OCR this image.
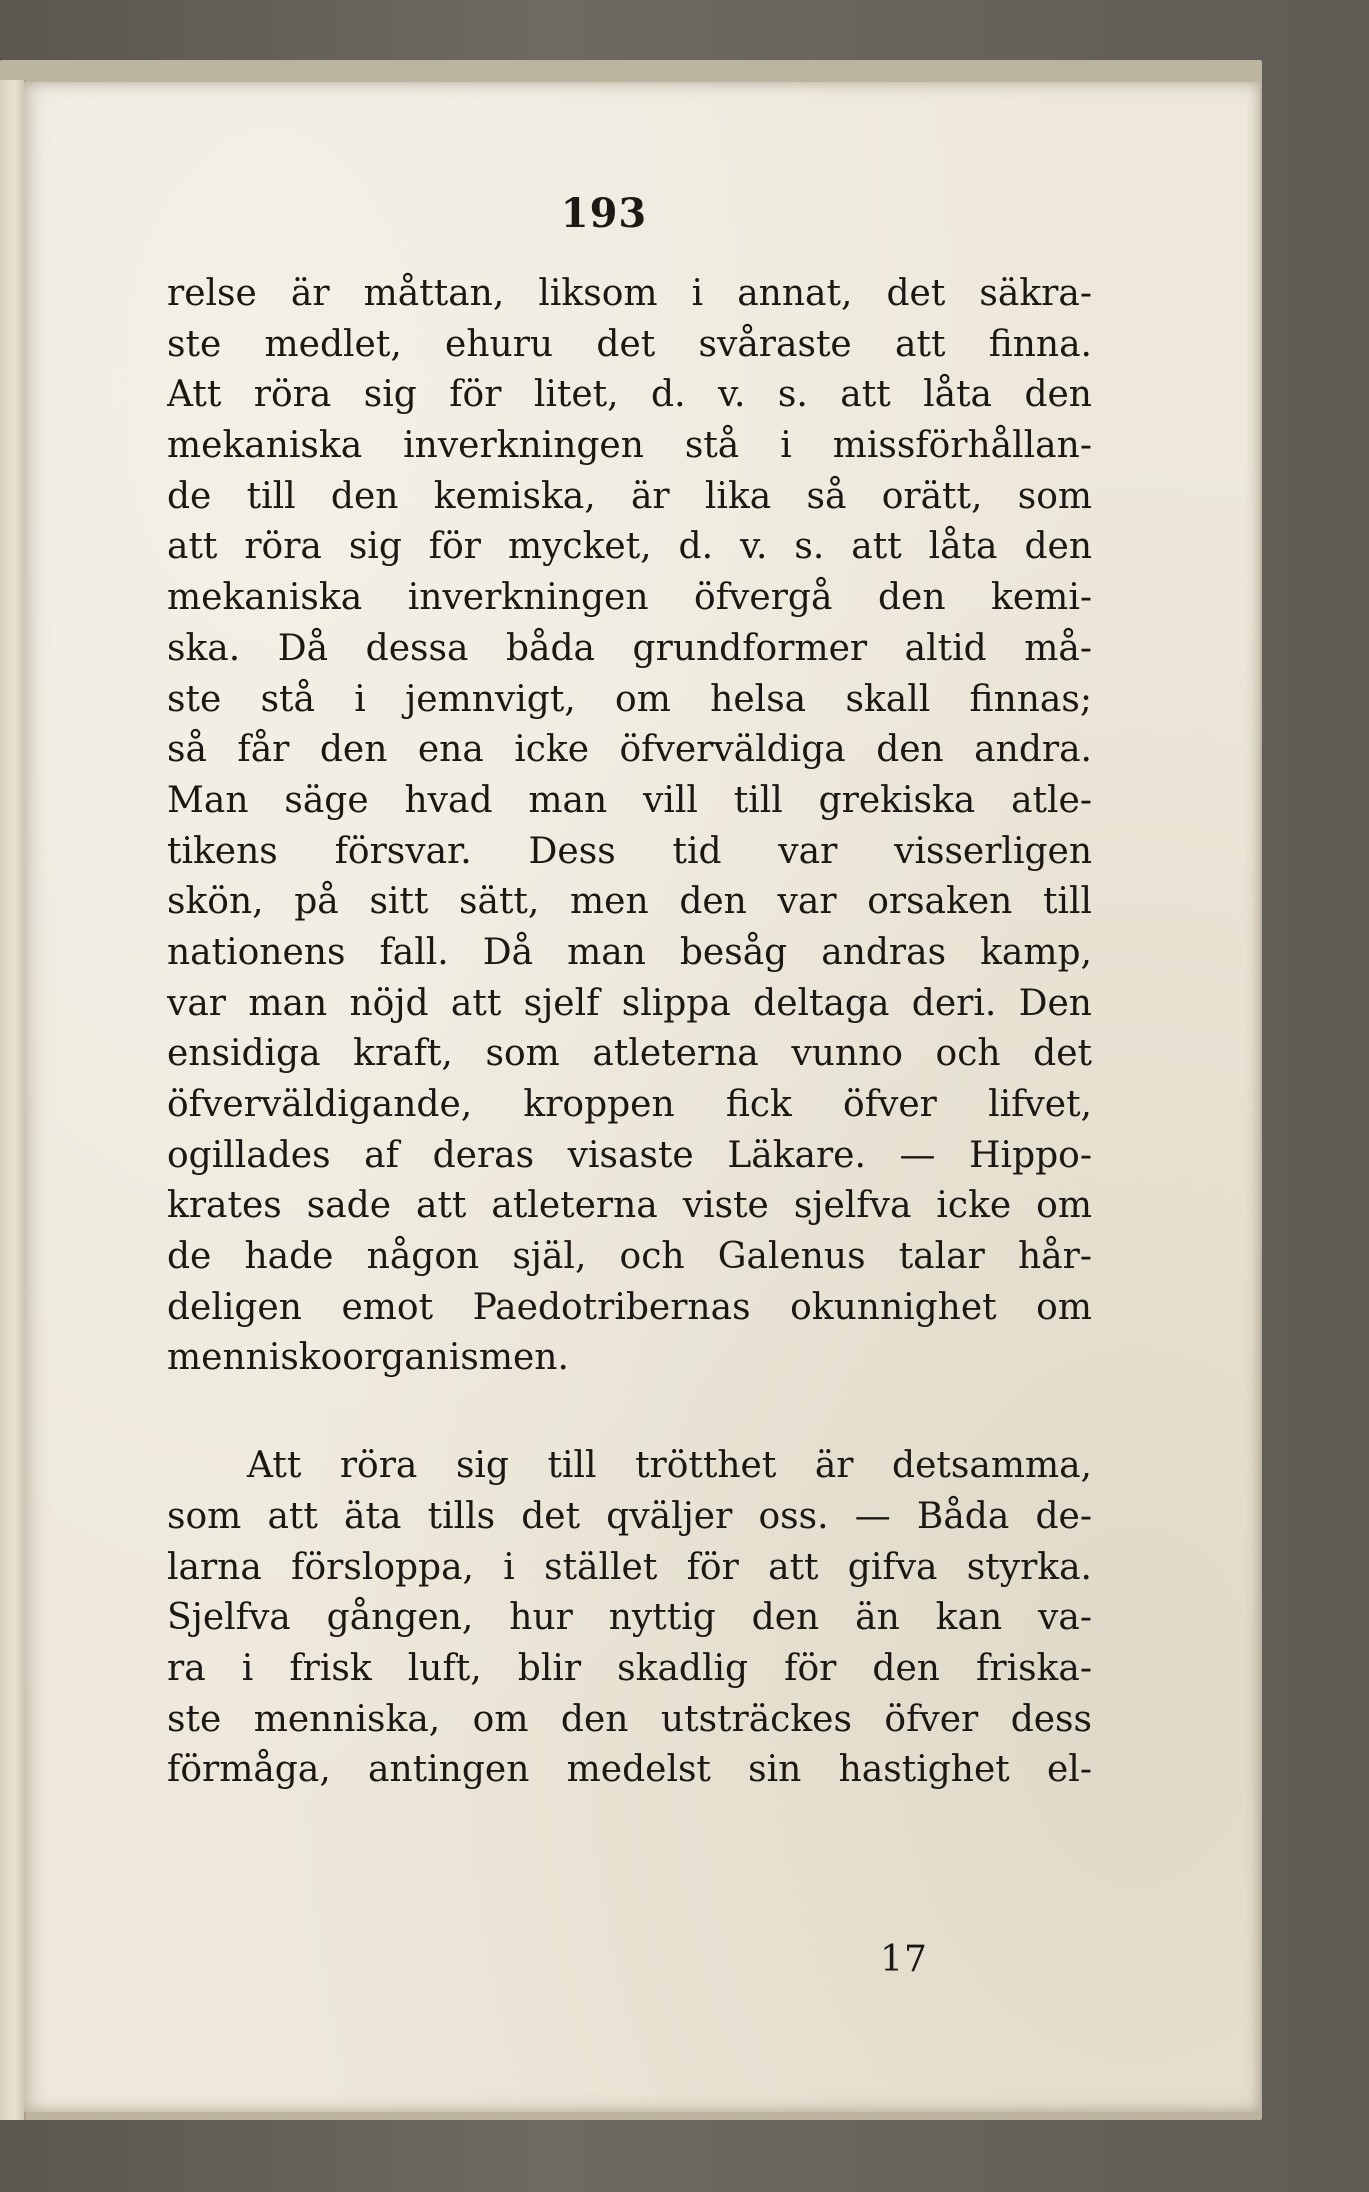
193
relse är måttan, liksom i annat, det säkra-
ste medlet, ehuru det svåraste att finna.
Att röra sig för litet, d. v. s. att låta den
mekaniska inverkningen stå i missförhållan-
de till den kemiska, är lika så orätt, som
att röra sig för mycket, d. v. s. att låta den
mekaniska inverkningen öfvergå den kemi-
ska. Då dessa båda grundformer altid må-
ste stå i jemnvigt, om helsa skall finnas;
så får den ena icke öfverväldiga den andra.
Man säge hvad man vill till grekiska atle-
tikens försvar. Dess tid var visserligen
skön, på sitt sätt, men den var orsaken till
nationens fall. Då man besåg andras kamp,
var man nöjd att sjelf slippa deltaga deri. Den
ensidiga kraft, som atleterna vunno och det
öfverväldigande, kroppen fick öfver lifvet,
ogillades af deras visaste Läkare. — Hippo-
krates sade att atleterna viste sjelfva icke om
de hade någon själ, och Galenus talar hår-
deligen emot Paedotribernas okunnighet om
menniskoorganismen.
Att röra sig till trötthet är detsamma,
som att äta tills det qväljer oss. — Båda de-
larna försloppa, i stället för att gifva styrka.
Sjelfva gången, hur nyttig den än kan va-
ra i frisk luft, blir skadlig för den friska-
ste menniska, om den utsträckes öfver dess
förmåga, antingen medelst sin hastighet el-
17
